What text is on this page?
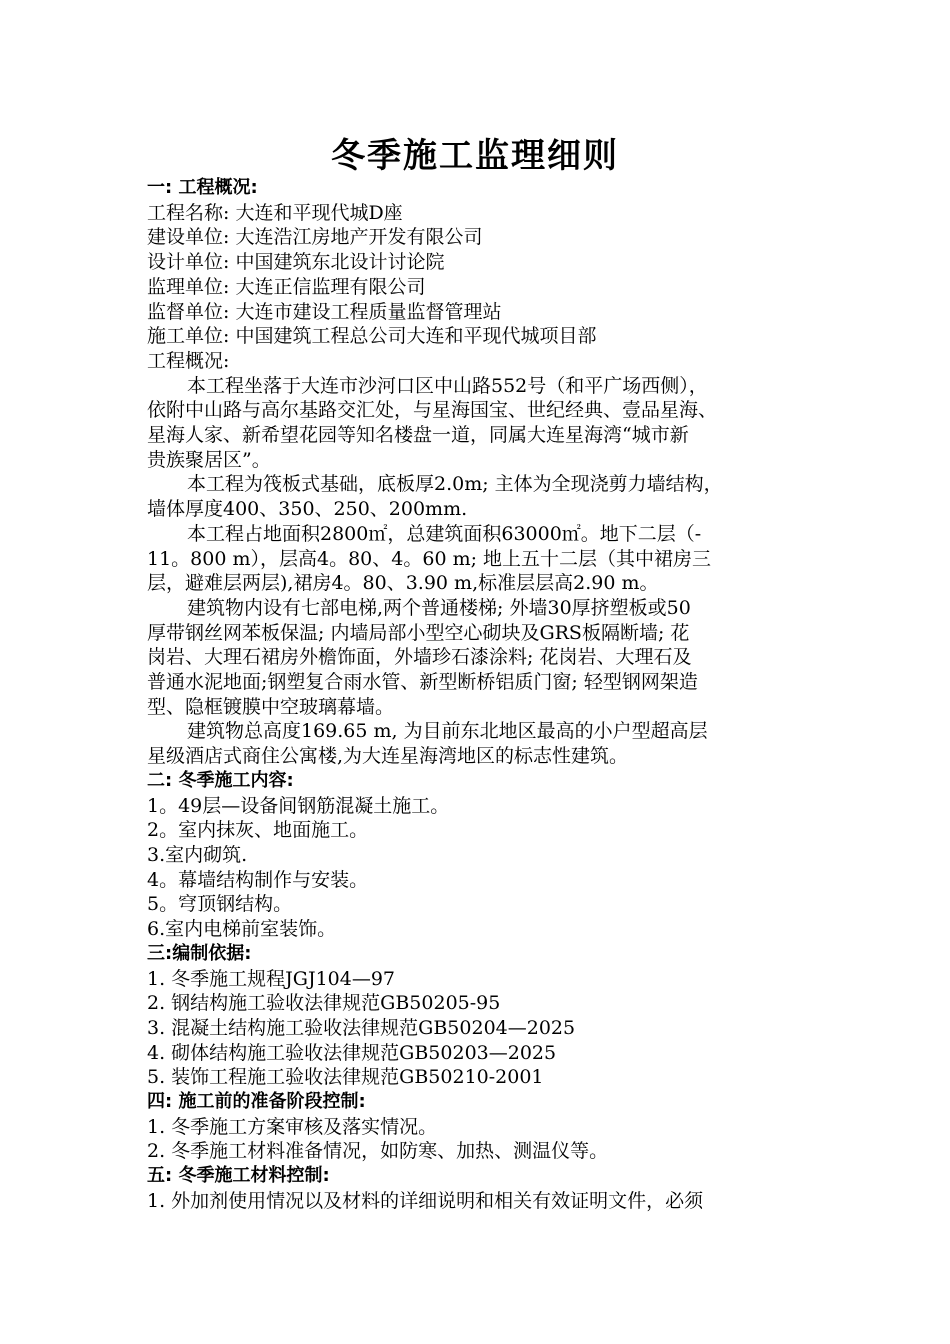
冬季施工监理细则
一: 工程概况:
工程名称: 大连和平现代城D座
建设单位: 大连浩江房地产开发有限公司
设计单位: 中国建筑东北设计讨论院
监理单位: 大连正信监理有限公司
监督单位: 大连市建设工程质量监督管理站
施工单位: 中国建筑工程总公司大连和平现代城项目部
工程概况:
本工程坐落于大连市沙河口区中山路552号（和平广场西侧），
依附中山路与高尔基路交汇处，与星海国宝、世纪经典、壹品星海、
星海人家、新希望花园等知名楼盘一道，同属大连星海湾“城市新
贵族聚居区”。
本工程为筏板式基础，底板厚2.0m; 主体为全现浇剪力墙结构，
墙体厚度400、350、250、200mm.
本工程占地面积2800㎡，总建筑面积63000㎡。地下二层（-
11。800 m），层高4。80、4。60 m; 地上五十二层（其中裙房三
层，避难层两层),裙房4。80、3.90 m,标准层层高2.90 m。
建筑物内设有七部电梯,两个普通楼梯; 外墙30厚挤塑板或50
厚带钢丝网苯板保温; 内墙局部小型空心砌块及GRS板隔断墙; 花
岗岩、大理石裙房外檐饰面，外墙珍石漆涂料; 花岗岩、大理石及
普通水泥地面;钢塑复合雨水管、新型断桥铝质门窗; 轻型钢网架造
型、隐框镀膜中空玻璃幕墙。
建筑物总高度169.65 m, 为目前东北地区最高的小户型超高层
星级酒店式商住公寓楼,为大连星海湾地区的标志性建筑。
二: 冬季施工内容:
1。49层—设备间钢筋混凝土施工。
2。室内抹灰、地面施工。
3.室内砌筑.
4。幕墙结构制作与安装。
5。穹顶钢结构。
6.室内电梯前室装饰。
三:编制依据:
1. 冬季施工规程JGJ104—97
2. 钢结构施工验收法律规范GB50205-95
3. 混凝土结构施工验收法律规范GB50204—2025
4. 砌体结构施工验收法律规范GB50203—2025
5. 装饰工程施工验收法律规范GB50210-2001
四: 施工前的准备阶段控制:
1. 冬季施工方案审核及落实情况。
2. 冬季施工材料准备情况，如防寒、加热、测温仪等。
五: 冬季施工材料控制:
1. 外加剂使用情况以及材料的详细说明和相关有效证明文件，必须
